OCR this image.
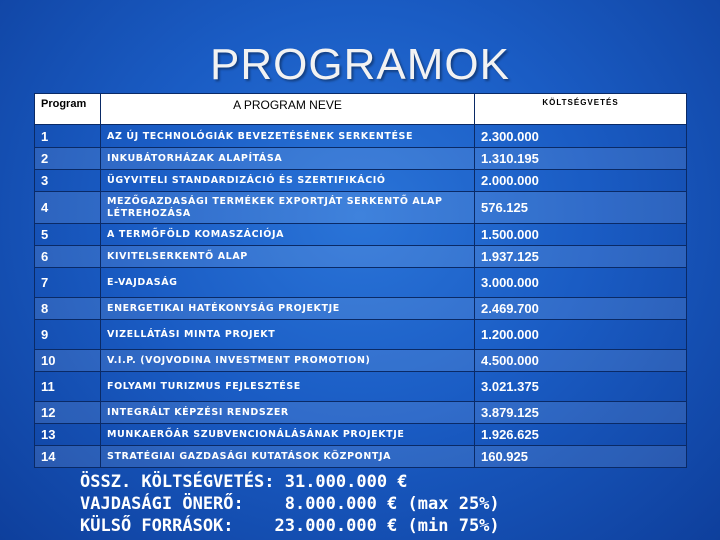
PROGRAMOK
Program	A PROGRAM NEVE	KÖLTSÉGVETÉS
1	AZ ÚJ TECHNOLÓGIÁK BEVEZETÉSÉNEK SERKENTÉSE	2.300.000
2	INKUBÁTORHÁZAK ALAPÍTÁSA	1.310.195
3	ÜGYVITELI STANDARDIZÁCIÓ ÉS SZERTIFIKÁCIÓ	2.000.000
4	MEZŐGAZDASÁGI TERMÉKEK EXPORTJÁT SERKENTŐ ALAP LÉTREHOZÁSA	576.125
5	A TERMŐFÖLD KOMASZÁCIÓJA	1.500.000
6	KIVITELSERKENTŐ ALAP	1.937.125
7	E-VAJDASÁG	3.000.000
8	ENERGETIKAI HATÉKONYSÁG PROJEKTJE	2.469.700
9	VIZELLÁTÁSI MINTA PROJEKT	1.200.000
10	V.I.P. (VOJVODINA INVESTMENT PROMOTION)	4.500.000
11	FOLYAMI TURIZMUS FEJLESZTÉSE	3.021.375
12	INTEGRÁLT KÉPZÉSI RENDSZER	3.879.125
13	MUNKAERŐÁR SZUBVENCIONÁLÁSÁNAK PROJEKTJE	1.926.625
14	STRATÉGIAI GAZDASÁGI KUTATÁSOK KÖZPONTJA	160.925
ÖSSZ. KÖLTSÉGVETÉS: 31.000.000 €
VAJDASÁGI ÖNERŐ: 8.000.000 € (max 25%)
KÜLSŐ FORRÁSOK: 23.000.000 € (min 75%)
